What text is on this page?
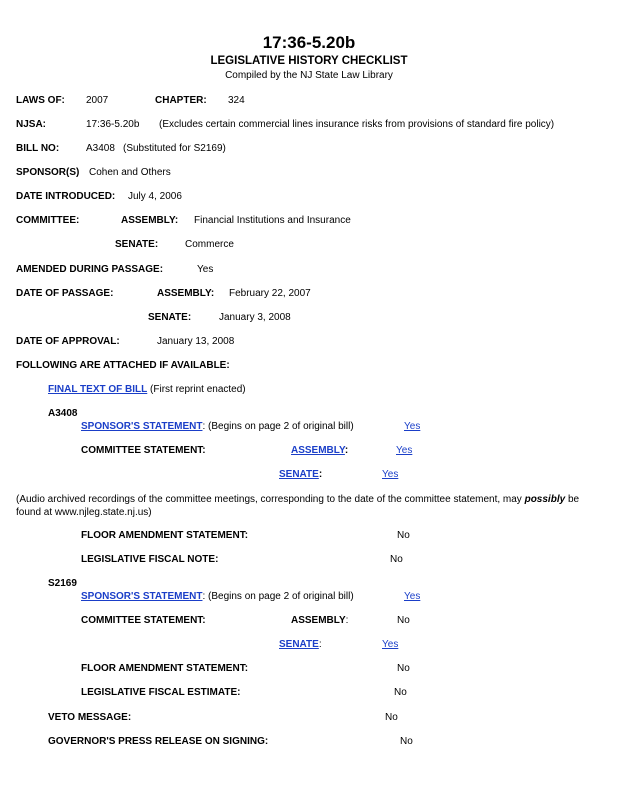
17:36-5.20b
LEGISLATIVE HISTORY CHECKLIST
Compiled by the NJ State Law Library
LAWS OF: 2007	CHAPTER: 324
NJSA:	17:36-5.20b (Excludes certain commercial lines insurance risks from provisions of standard fire policy)
BILL NO:	A3408 (Substituted for S2169)
SPONSOR(S) Cohen and Others
DATE INTRODUCED: July 4, 2006
COMMITTEE:	ASSEMBLY: Financial Institutions and Insurance
SENATE:	Commerce
AMENDED DURING PASSAGE:	Yes
DATE OF PASSAGE:	ASSEMBLY: February 22, 2007
SENATE:	January 3, 2008
DATE OF APPROVAL:	January 13, 2008
FOLLOWING ARE ATTACHED IF AVAILABLE:
FINAL TEXT OF BILL (First reprint enacted)
A3408
SPONSOR'S STATEMENT: (Begins on page 2 of original bill)	Yes
COMMITTEE STATEMENT:	ASSEMBLY:	Yes
SENATE:	Yes
(Audio archived recordings of the committee meetings, corresponding to the date of the committee statement, may possibly be found at www.njleg.state.nj.us)
FLOOR AMENDMENT STATEMENT:	No
LEGISLATIVE FISCAL NOTE:	No
S2169
SPONSOR'S STATEMENT: (Begins on page 2 of original bill)	Yes
COMMITTEE STATEMENT:	ASSEMBLY:	No
SENATE:	Yes
FLOOR AMENDMENT STATEMENT:	No
LEGISLATIVE FISCAL ESTIMATE:	No
VETO MESSAGE:	No
GOVERNOR'S PRESS RELEASE ON SIGNING:	No
